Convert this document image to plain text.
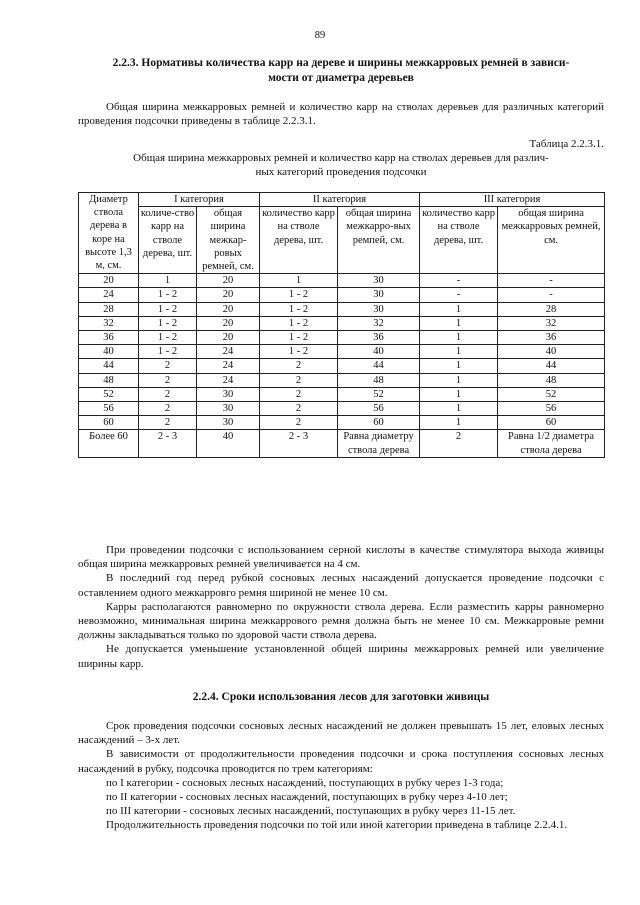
89
2.2.3. Нормативы количества карр на дереве и ширины межкарровых ремней в зависи-
мости от диаметра деревьев

Общая ширина межкарровых ремней и количество карр на стволах деревьев для различных категорий проведения подсочки приведены в таблице 2.2.3.1.

Таблица 2.2.3.1.
Общая ширина межкарровых ремней и количество карр на стволах деревьев для различ-
ных категорий проведения подсочки
Диаметр ствола дерева в коре на высоте 1,3 м, см.	I категория		II категория		III категория	
	количе-ство карр на стволе дерева, шт.	общая ширина межкар-ровых ремней, см.	количество карр на стволе дерева, шт.	общая ширина межкарро-вых ремпей, см.	количество карр на стволе дерева, шт.	общая ширина межкарровых ремней, см.
20	1	20	1	30	-	-
24	1 - 2	20	1 - 2	30	-	-
28	1 - 2	20	1 - 2	30	1	28
32	1 - 2	20	1 - 2	32	1	32
36	1 - 2	20	1 - 2	36	1	36
40	1 - 2	24	1 - 2	40	1	40
44	2	24	2	44	1	44
48	2	24	2	48	1	48
52	2	30	2	52	1	52
56	2	30	2	56	1	56
60	2	30	2	60	1	60
Более 60	2 - 3	40	2 - 3	Равна диаметру ствола дерева	2	Равна 1/2 диаметра ствола дерева

При проведении подсочки с использованием серной кислоты в качестве стимулятора выхода живицы общая ширина межкарровых ремней увеличивается на 4 см.

В последний год перед рубкой сосновых лесных насаждений допускается проведение подсочки с оставлением одного межкарровго ремня шириной не менее 10 см.

Карры располагаются равномерно по окружности ствола дерева. Если разместить карры равномерно невозможно, минимальная ширина межкаррового ремня должна быть не менее 10 см. Межкарровые ремни должны закладываться только по здоровой части ствола дерева.

Не допускается уменьшение установленной общей ширины межкарровых ремней или увеличение ширины карр.

2.2.4. Сроки использования лесов для заготовки живицы

Срок проведения подсочки сосновых лесных насаждений не должен превышать 15 лет, еловых лесных насаждений – 3-х лет.

В зависимости от продолжительности проведения подсочки и срока поступления сосновых лесных насаждений в рубку, подсочка проводится по трем категориям:

по I категории - сосновых лесных насаждений, поступающих в рубку через 1-3 года;
по II категории - сосновых лесных насаждений, поступающих в рубку через 4-10 лет;
по III категории - сосновых лесных насаждений, поступающих в рубку через 11-15 лет.

Продолжительность проведения подсочки по той или иной категории приведена в таблице 2.2.4.1.
